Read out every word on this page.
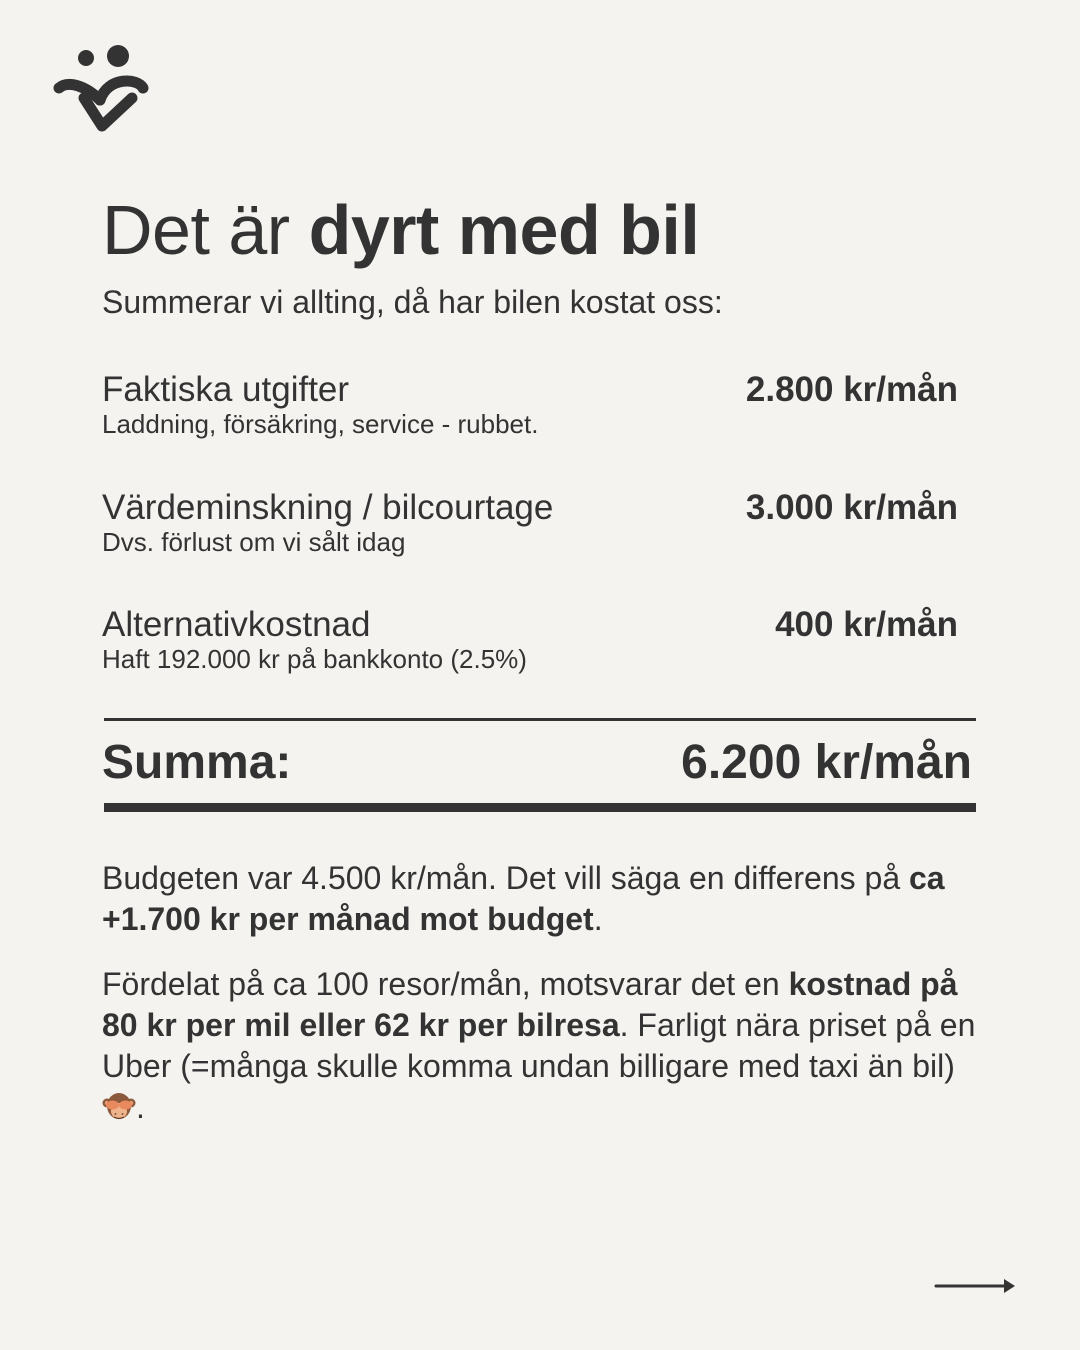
Det är dyrt med bil

Summerar vi allting, då har bilen kostat oss:

Faktiska utgifter
Laddning, försäkring, service - rubbet.
2.800 kr/mån
Värdeminskning / bilcourtage
Dvs. förlust om vi sålt idag
3.000 kr/mån
Alternativkostnad
Haft 192.000 kr på bankkonto (2.5%)
400 kr/mån
Summa:	6.200 kr/mån

Budgeten var 4.500 kr/mån. Det vill säga en differens på ca +1.700 kr per månad mot budget.

Fördelat på ca 100 resor/mån, motsvarar det en kostnad på 80 kr per mil eller 62 kr per bilresa. Farligt nära priset på en Uber (=många skulle komma undan billigare med taxi än bil) .
